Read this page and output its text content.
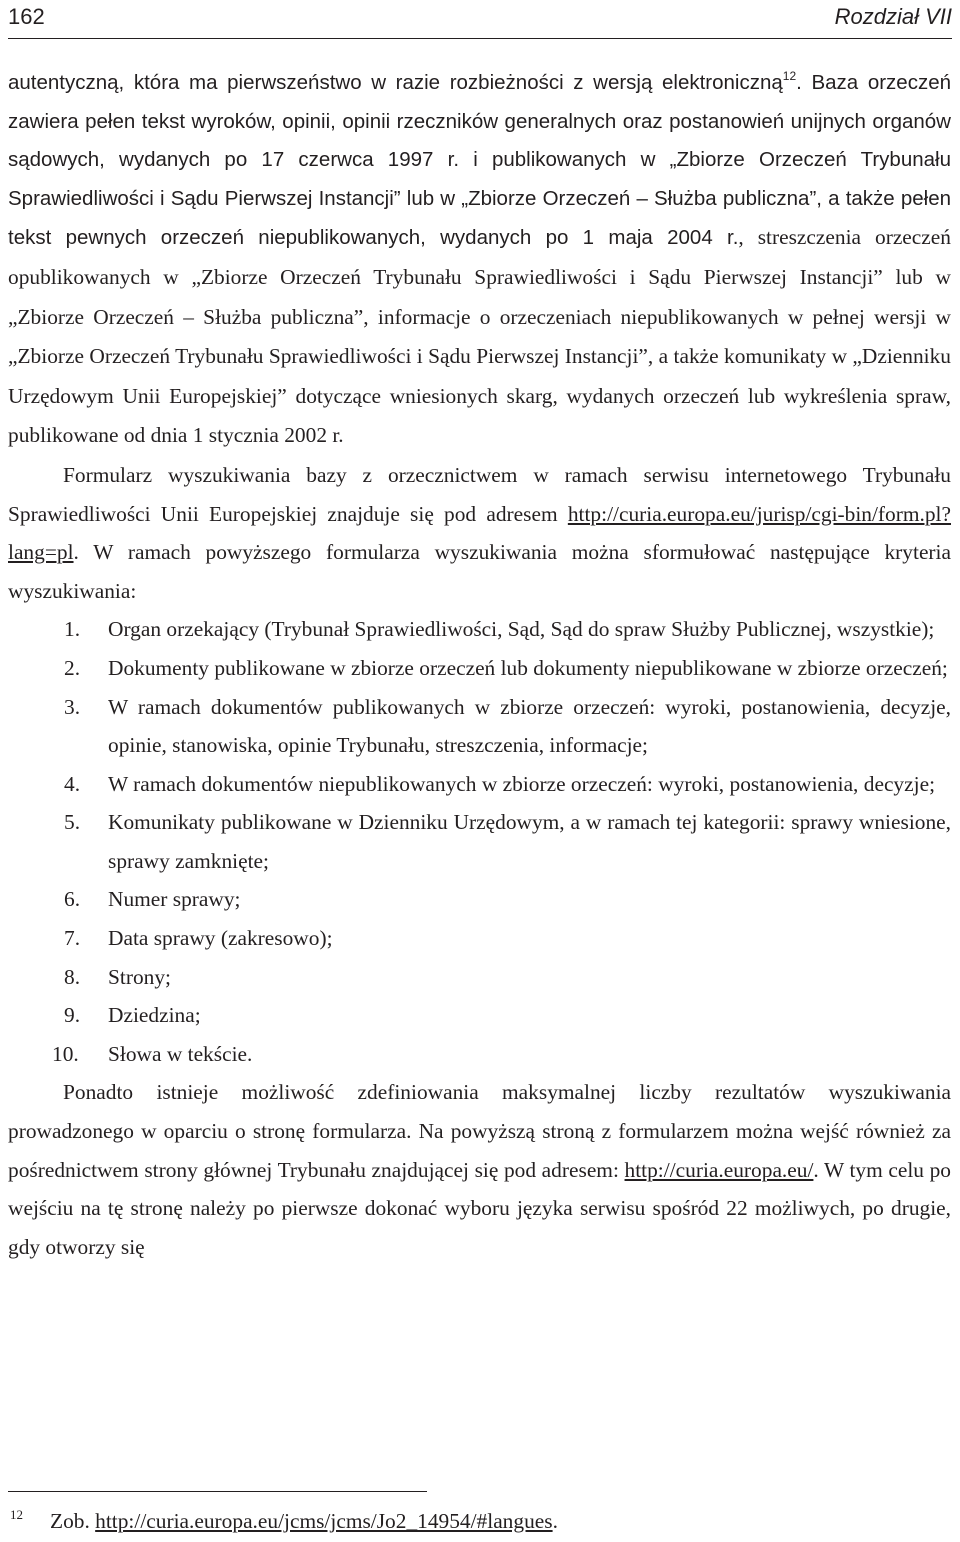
162	Rozdział VII

autentyczną, która ma pierwszeństwo w razie rozbieżności z wersją elektroniczną$^{12}$. Baza orzeczeń zawiera pełen tekst wyroków, opinii, opinii rzeczników generalnych oraz postanowień unijnych organów sądowych, wydanych po 17 czerwca 1997 r. i publikowanych w „Zbiorze Orzeczeń Trybunału Sprawiedliwości i Sądu Pierwszej Instancji” lub w „Zbiorze Orzeczeń – Służba publiczna”, a także pełen tekst pewnych orzeczeń niepublikowanych, wydanych po 1 maja 2004 r., streszczenia orzeczeń opublikowanych w „Zbiorze Orzeczeń Trybunału Sprawiedliwości i Sądu Pierwszej Instancji” lub w „Zbiorze Orzeczeń – Służba publiczna”, informacje o orzeczeniach niepublikowanych w pełnej wersji w „Zbiorze Orzeczeń Trybunału Sprawiedliwości i Sądu Pierwszej Instancji”, a także komunikaty w „Dzienniku Urzędowym Unii Europejskiej” dotyczące wniesionych skarg, wydanych orzeczeń lub wykreślenia spraw, publikowane od dnia 1 stycznia 2002 r.

Formularz wyszukiwania bazy z orzecznictwem w ramach serwisu internetowego Trybunału Sprawiedliwości Unii Europejskiej znajduje się pod adresem http://curia.europa.eu/jurisp/cgi-bin/form.pl?lang=pl. W ramach powyższego formularza wyszukiwania można sformułować następujące kryteria wyszukiwania:

1. Organ orzekający (Trybunał Sprawiedliwości, Sąd, Sąd do spraw Służby Publicznej, wszystkie);
2. Dokumenty publikowane w zbiorze orzeczeń lub dokumenty niepublikowane w zbiorze orzeczeń;
3. W ramach dokumentów publikowanych w zbiorze orzeczeń: wyroki, postanowienia, decyzje, opinie, stanowiska, opinie Trybunału, streszczenia, informacje;
4. W ramach dokumentów niepublikowanych w zbiorze orzeczeń: wyroki, postanowienia, decyzje;
5. Komunikaty publikowane w Dzienniku Urzędowym, a w ramach tej kategorii: sprawy wniesione, sprawy zamknięte;
6. Numer sprawy;
7. Data sprawy (zakresowo);
8. Strony;
9. Dziedzina;
10. Słowa w tekście.

Ponadto istnieje możliwość zdefiniowania maksymalnej liczby rezultatów wyszukiwania prowadzonego w oparciu o stronę formularza. Na powyższą stroną z formularzem można wejść również za pośrednictwem strony głównej Trybunału znajdującej się pod adresem: http://curia.europa.eu/. W tym celu po wejściu na tę stronę należy po pierwsze dokonać wyboru języka serwisu spośród 22 możliwych, po drugie, gdy otworzy się

12	Zob. http://curia.europa.eu/jcms/jcms/Jo2_14954/#langues.
